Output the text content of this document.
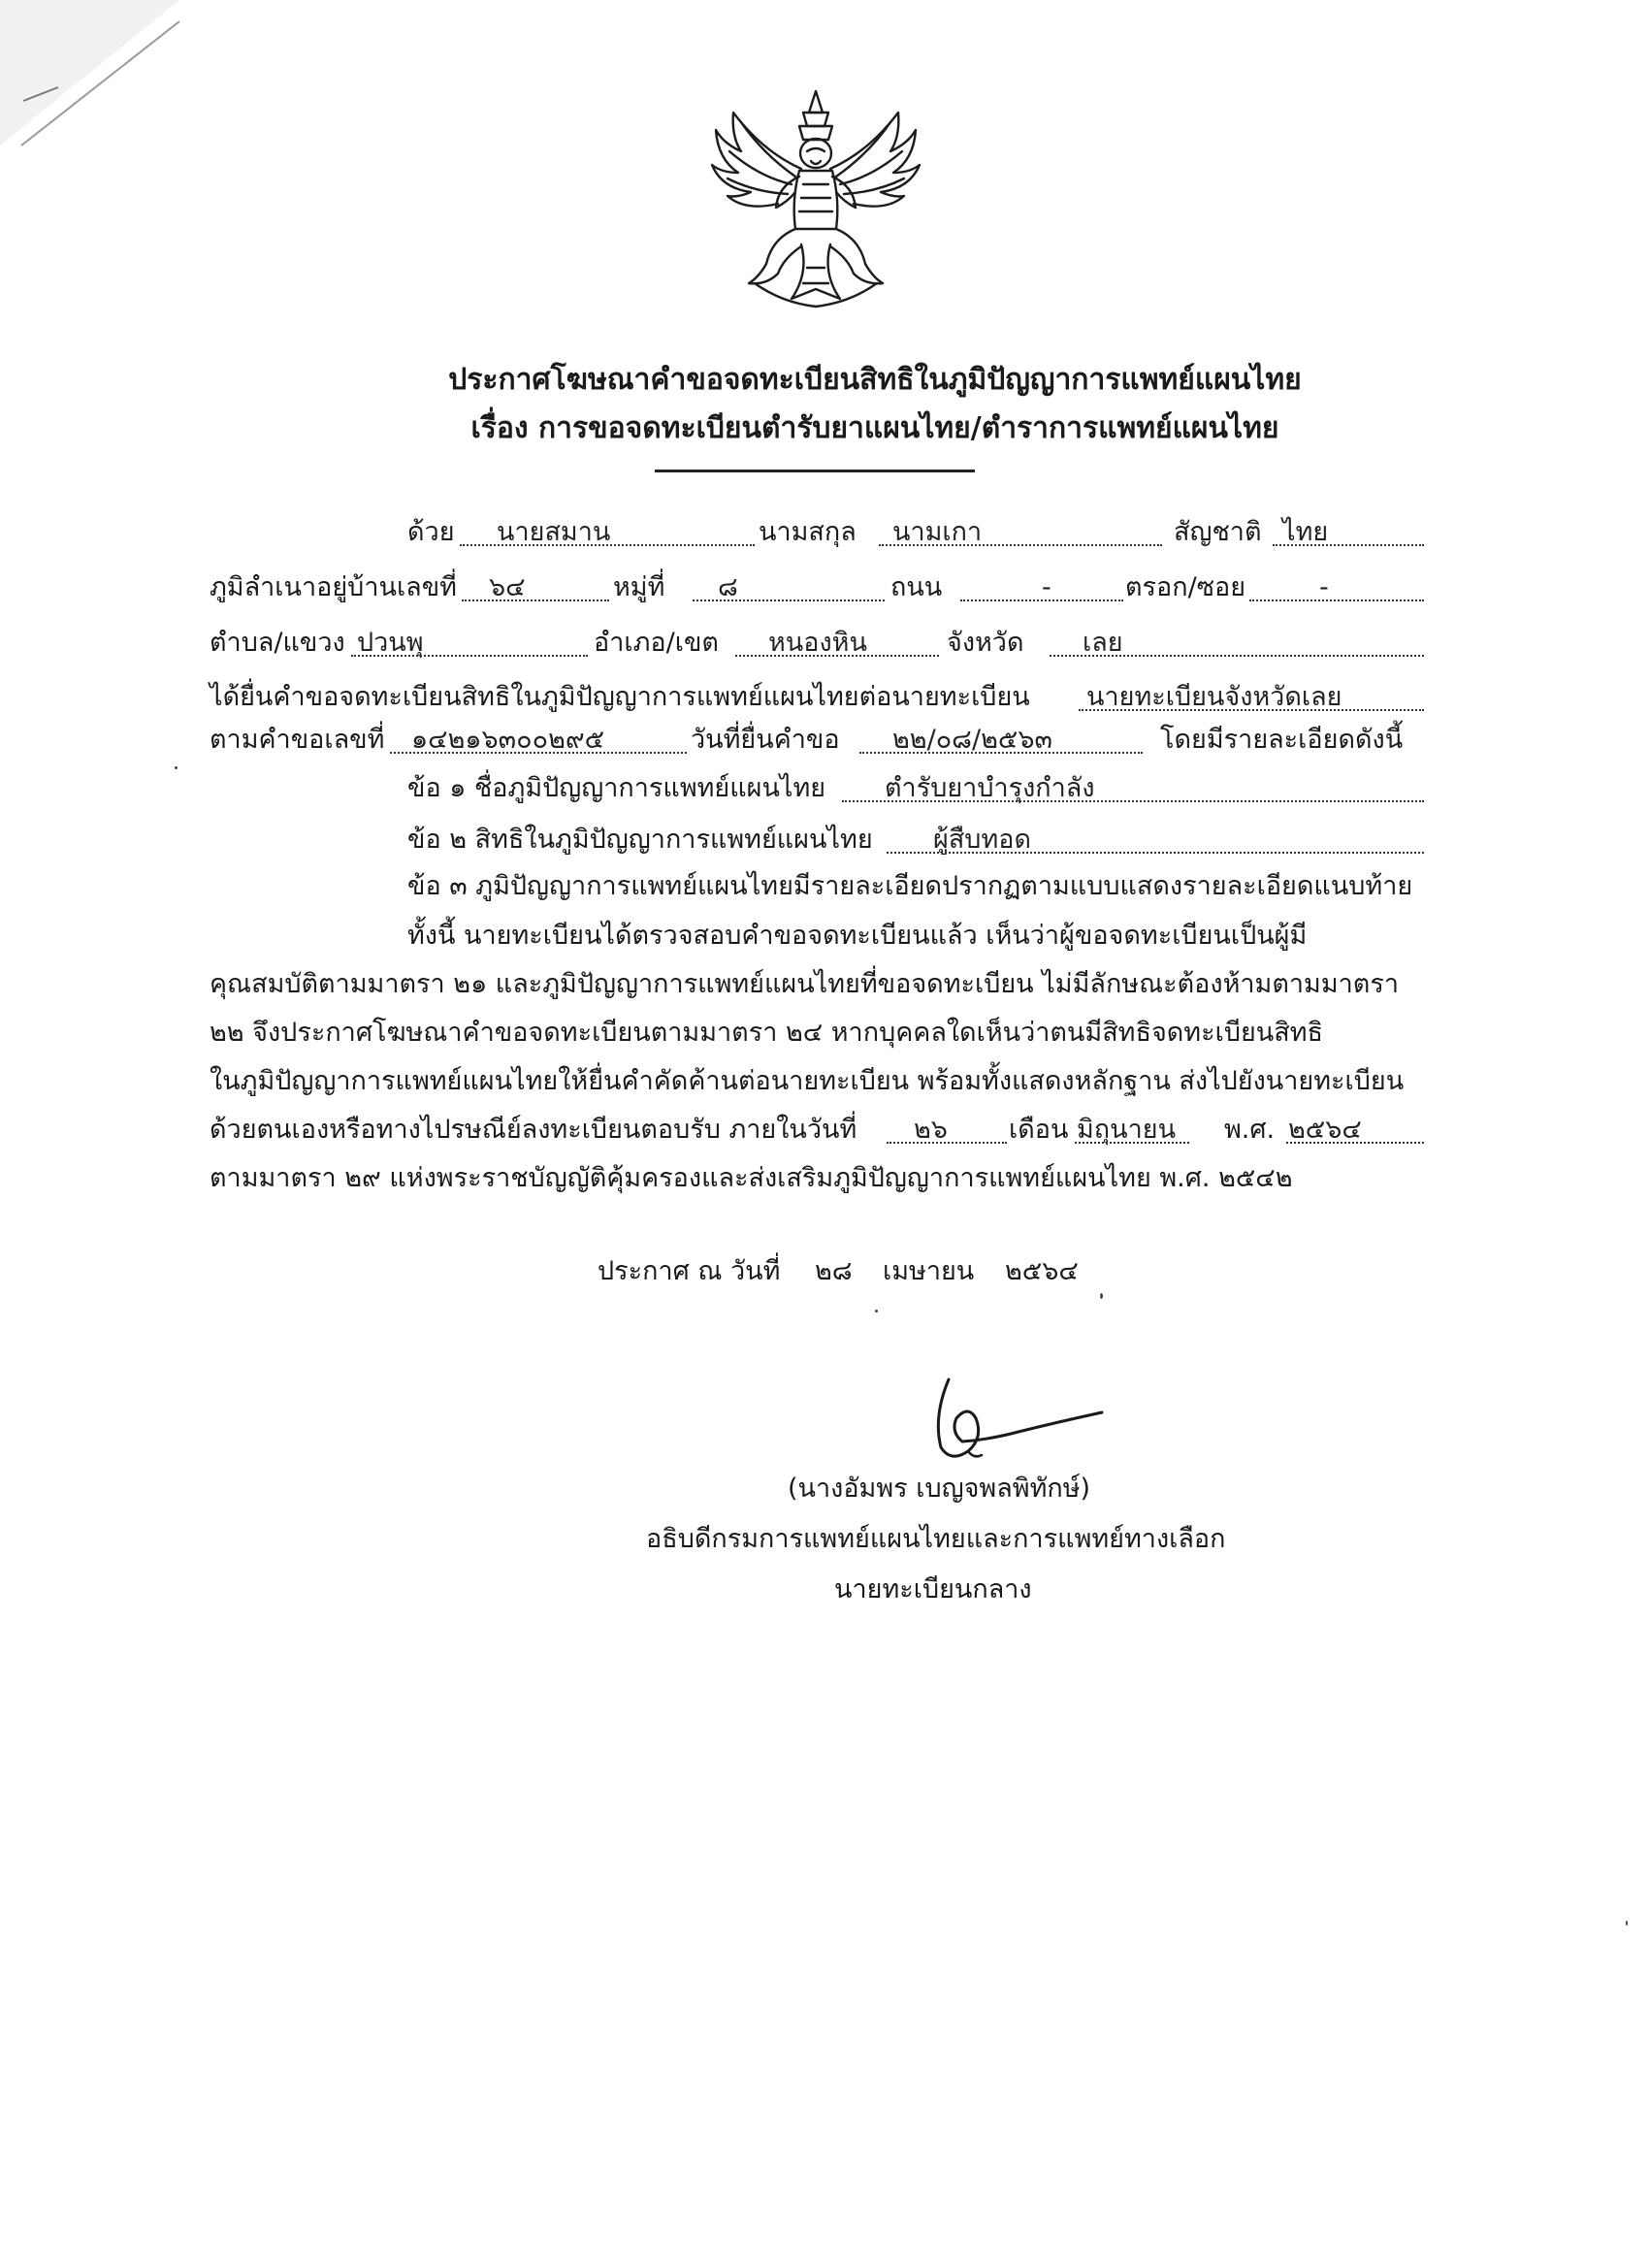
ประกาศโฆษณาคำขอจดทะเบียนสิทธิในภูมิปัญญาการแพทย์แผนไทย
เรื่อง การขอจดทะเบียนตำรับยาแผนไทย/ตำราการแพทย์แผนไทย
ด้วย	นายสมาน	นามสกุล	นามเกา	สัญชาติ ไทย
ภูมิลำเนาอยู่บ้านเลขที่	๖๔	หมู่ที่	๘	ถนน	-	ตรอก/ซอย	-
ตำบล/แขวง ปวนพุ	อำเภอ/เขต	หนองหิน	จังหวัด	เลย
ได้ยื่นคำขอจดทะเบียนสิทธิในภูมิปัญญาการแพทย์แผนไทยต่อนายทะเบียน นายทะเบียนจังหวัดเลย
ตามคำขอเลขที่	๑๔๒๑๖๓๐๐๒๙๕	วันที่ยื่นคำขอ	๒๒/๐๘/๒๕๖๓	โดยมีรายละเอียดดังนี้
ข้อ ๑ ชื่อภูมิปัญญาการแพทย์แผนไทย	ตำรับยาบำรุงกำลัง
ข้อ ๒ สิทธิในภูมิปัญญาการแพทย์แผนไทย	ผู้สืบทอด
ข้อ ๓ ภูมิปัญญาการแพทย์แผนไทยมีรายละเอียดปรากฏตามแบบแสดงรายละเอียดแนบท้าย
ทั้งนี้ นายทะเบียนได้ตรวจสอบคำขอจดทะเบียนแล้ว เห็นว่าผู้ขอจดทะเบียนเป็นผู้มี
คุณสมบัติตามมาตรา ๒๑ และภูมิปัญญาการแพทย์แผนไทยที่ขอจดทะเบียน ไม่มีลักษณะต้องห้ามตามมาตรา
๒๒ จึงประกาศโฆษณาคำขอจดทะเบียนตามมาตรา ๒๔ หากบุคคลใดเห็นว่าตนมีสิทธิจดทะเบียนสิทธิ
ในภูมิปัญญาการแพทย์แผนไทยให้ยื่นคำคัดค้านต่อนายทะเบียน พร้อมทั้งแสดงหลักฐาน ส่งไปยังนายทะเบียน
ด้วยตนเองหรือทางไปรษณีย์ลงทะเบียนตอบรับ ภายในวันที่	๒๖	เดือน มิถุนายน	พ.ศ. ๒๕๖๔
ตามมาตรา ๒๙ แห่งพระราชบัญญัติคุ้มครองและส่งเสริมภูมิปัญญาการแพทย์แผนไทย พ.ศ. ๒๕๔๒
ประกาศ ณ วันที่ ๒๘ เมษายน ๒๕๖๔
(นางอัมพร เบญจพลพิทักษ์)
อธิบดีกรมการแพทย์แผนไทยและการแพทย์ทางเลือก
นายทะเบียนกลาง
